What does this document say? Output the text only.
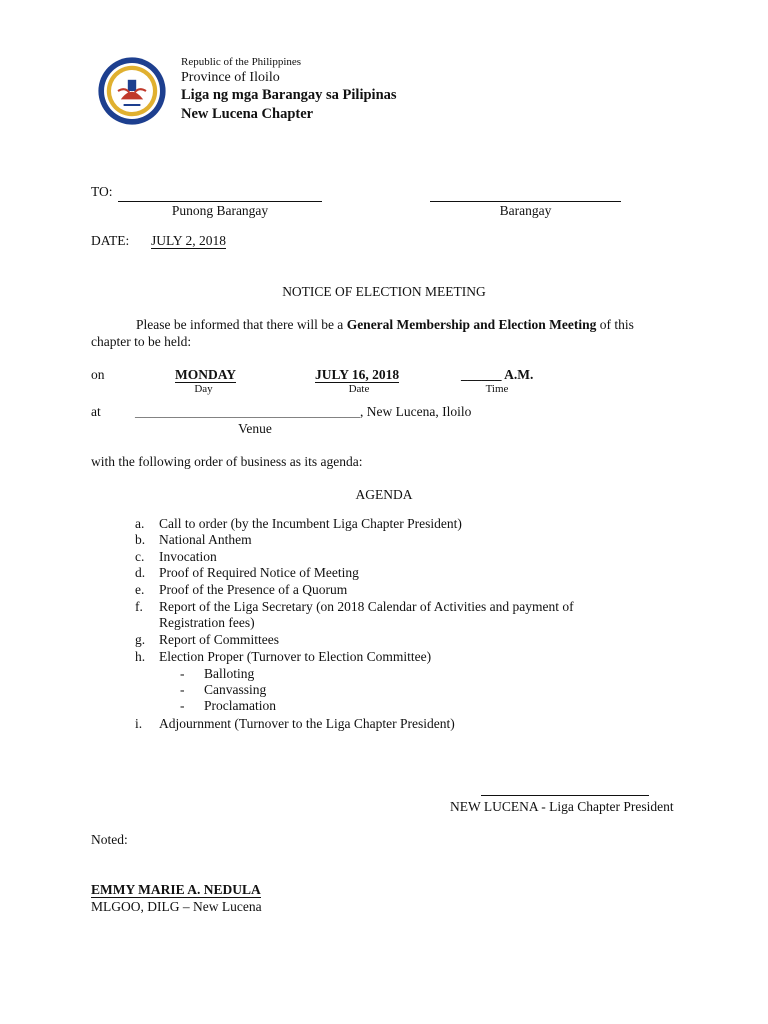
Republic of the Philippines
Province of Iloilo
Liga ng mga Barangay sa Pilipinas
New Lucena Chapter
TO:
Punong Barangay	Barangay
DATE: JULY 2, 2018
NOTICE OF ELECTION MEETING
Please be informed that there will be a General Membership and Election Meeting of this
chapter to be held:
on	MONDAY
Day
JULY 16, 2018
Date
______ A.M.
Time
at	_____________________________________________, New Lucena, Iloilo
Venue
with the following order of business as its agenda:
AGENDA
a. Call to order (by the Incumbent Liga Chapter President)
b. National Anthem
c. Invocation
d. Proof of Required Notice of Meeting
e. Proof of the Presence of a Quorum
f. Report of the Liga Secretary (on 2018 Calendar of Activities and payment of
Registration fees)
g. Report of Committees
h. Election Proper (Turnover to Election Committee)
- Balloting
- Canvassing
- Proclamation
i. Adjournment (Turnover to the Liga Chapter President)
NEW LUCENA - Liga Chapter President
Noted:
EMMY MARIE A. NEDULA
MLGOO, DILG – New Lucena
